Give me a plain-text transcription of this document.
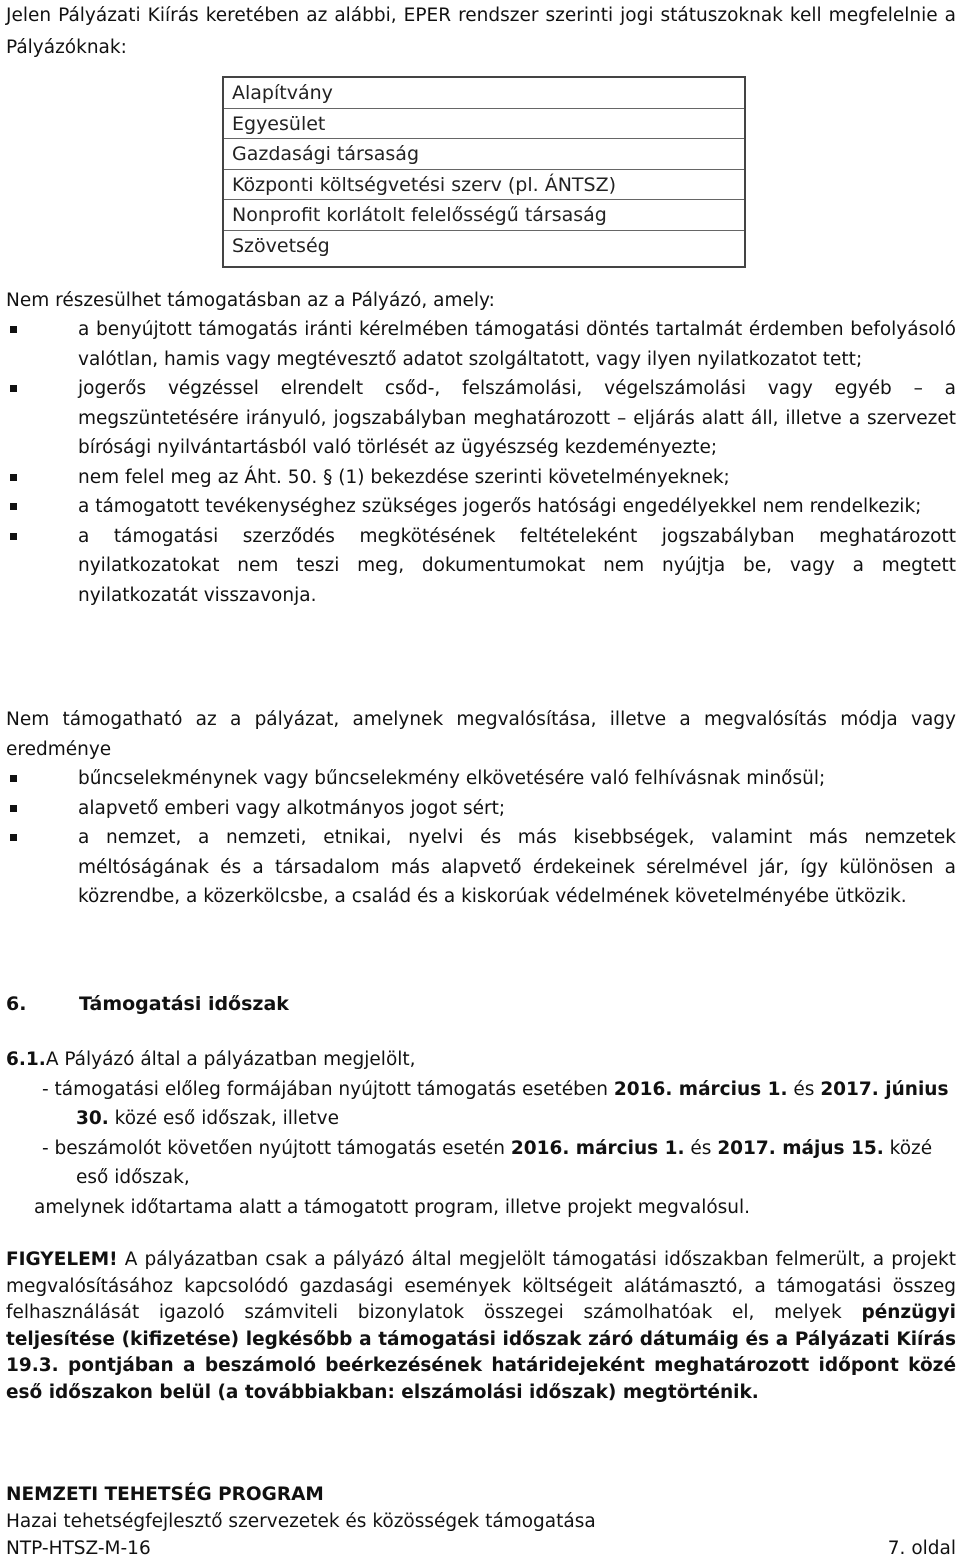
Jelen Pályázati Kiírás keretében az alábbi, EPER rendszer szerinti jogi státuszoknak kell megfelelnie a Pályázóknak:
Alapítvány
Egyesület
Gazdasági társaság
Központi költségvetési szerv (pl. ÁNTSZ)
Nonprofit korlátolt felelősségű társaság
Szövetség
Nem részesülhet támogatásban az a Pályázó, amely:
a benyújtott támogatás iránti kérelmében támogatási döntés tartalmát érdemben befolyásoló valótlan, hamis vagy megtévesztő adatot szolgáltatott, vagy ilyen nyilatkozatot tett;
jogerős végzéssel elrendelt csőd-, felszámolási, végelszámolási vagy egyéb – a megszüntetésére irányuló, jogszabályban meghatározott – eljárás alatt áll, illetve a szervezet bírósági nyilvántartásból való törlését az ügyészség kezdeményezte;
nem felel meg az Áht. 50. § (1) bekezdése szerinti követelményeknek;
a támogatott tevékenységhez szükséges jogerős hatósági engedélyekkel nem rendelkezik;
a támogatási szerződés megkötésének feltételeként jogszabályban meghatározott nyilatkozatokat nem teszi meg, dokumentumokat nem nyújtja be, vagy a megtett nyilatkozatát visszavonja.
Nem támogatható az a pályázat, amelynek megvalósítása, illetve a megvalósítás módja vagy eredménye
bűncselekménynek vagy bűncselekmény elkövetésére való felhívásnak minősül;
alapvető emberi vagy alkotmányos jogot sért;
a nemzet, a nemzeti, etnikai, nyelvi és más kisebbségek, valamint más nemzetek méltóságának és a társadalom más alapvető érdekeinek sérelmével jár, így különösen a közrendbe, a közerkölcsbe, a család és a kiskorúak védelmének követelményébe ütközik.
6.	Támogatási időszak
6.1.A Pályázó által a pályázatban megjelölt,
- támogatási előleg formájában nyújtott támogatás esetében 2016. március 1. és 2017. június 30. közé eső időszak, illetve
- beszámolót követően nyújtott támogatás esetén 2016. március 1. és 2017. május 15. közé eső időszak,
amelynek időtartama alatt a támogatott program, illetve projekt megvalósul.
FIGYELEM! A pályázatban csak a pályázó által megjelölt támogatási időszakban felmerült, a projekt megvalósításához kapcsolódó gazdasági események költségeit alátámasztó, a támogatási összeg felhasználását igazoló számviteli bizonylatok összegei számolhatóak el, melyek pénzügyi teljesítése (kifizetése) legkésőbb a támogatási időszak záró dátumáig és a Pályázati Kiírás 19.3. pontjában a beszámoló beérkezésének határidejeként meghatározott időpont közé eső időszakon belül (a továbbiakban: elszámolási időszak) megtörténik.
NEMZETI TEHETSÉG PROGRAM
Hazai tehetségfejlesztő szervezetek és közösségek támogatása
NTP-HTSZ-M-16	7. oldal
